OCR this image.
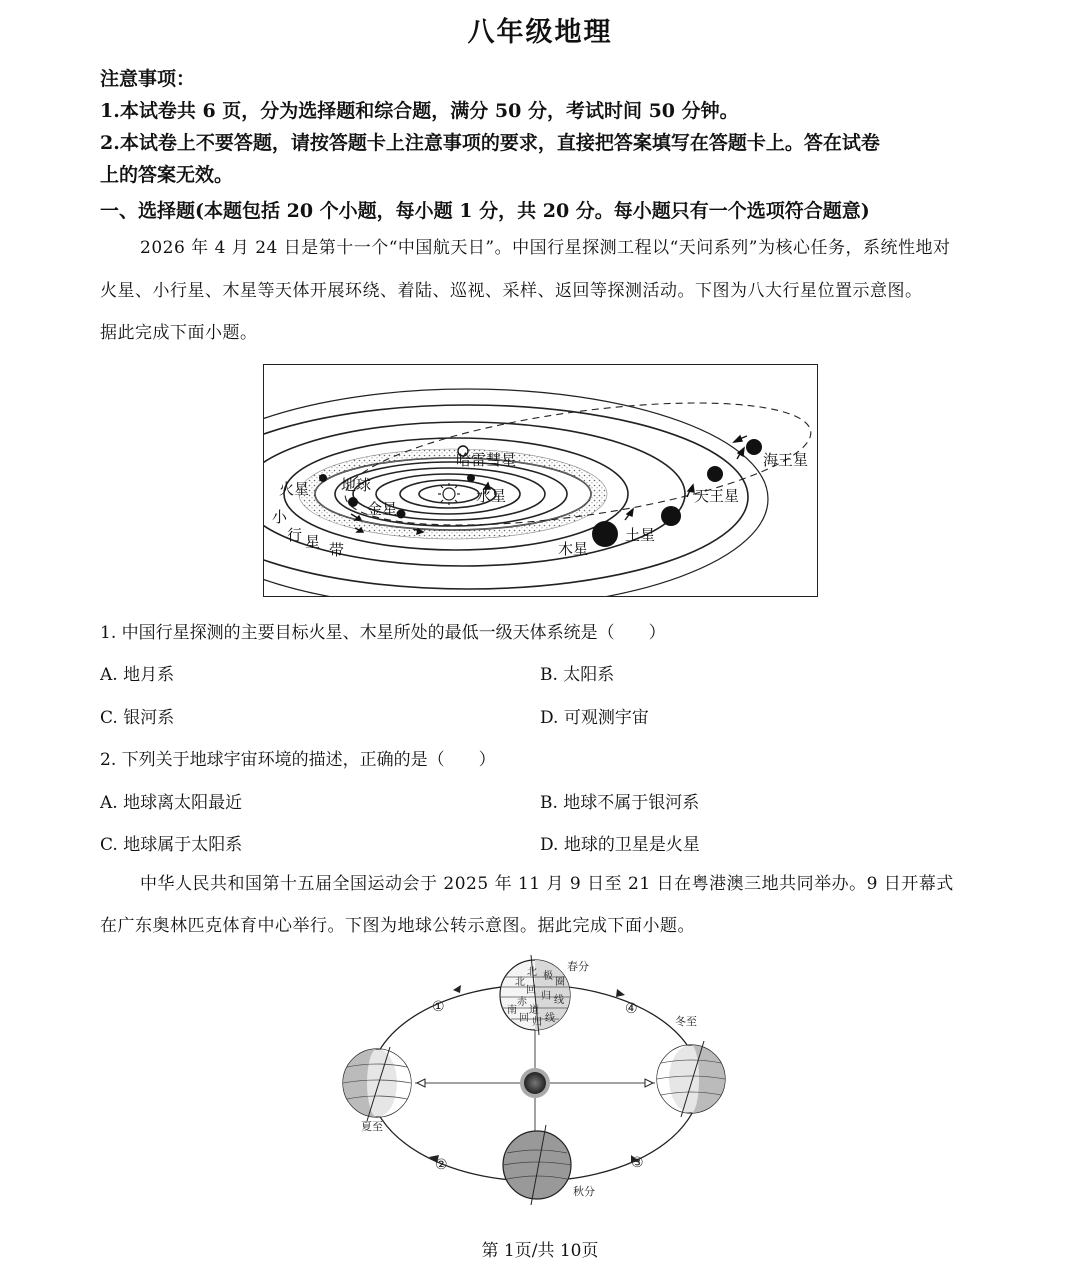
八年级地理
注意事项：
1.本试卷共 6 页，分为选择题和综合题，满分 50 分，考试时间 50 分钟。
2.本试卷上不要答题，请按答题卡上注意事项的要求，直接把答案填写在答题卡上。答在试卷
上的答案无效。
一、选择题(本题包括 20 个小题，每小题 1 分，共 20 分。每小题只有一个选项符合题意)
2026 年 4 月 24 日是第十一个“中国航天日”。中国行星探测工程以“天问系列”为核心任务，系统性地对
火星、小行星、木星等天体开展环绕、着陆、巡视、采样、返回等探测活动。下图为八大行星位置示意图。
据此完成下面小题。
哈雷彗星	海王星
火星 地球
水星
金星
天王星
小
行 星 带
土星
木星
1. 中国行星探测的主要目标火星、木星所处的最低一级天体系统是（　　）
A. 地月系	B. 太阳系
C. 银河系	D. 可观测宇宙
2. 下列关于地球宇宙环境的描述，正确的是（　　）
A. 地球离太阳最近	B. 地球不属于银河系
C. 地球属于太阳系	D. 地球的卫星是火星
中华人民共和国第十五届全国运动会于 2025 年 11 月 9 日至 21 日在粤港澳三地共同举办。9 日开幕式
在广东奥林匹克体育中心举行。下图为地球公转示意图。据此完成下面小题。
北 极
圈
北
回
归 线
赤
道
南
回 归 线
春分
冬至
夏至
秋分
①
②	③
④
第 1页/共 10页
